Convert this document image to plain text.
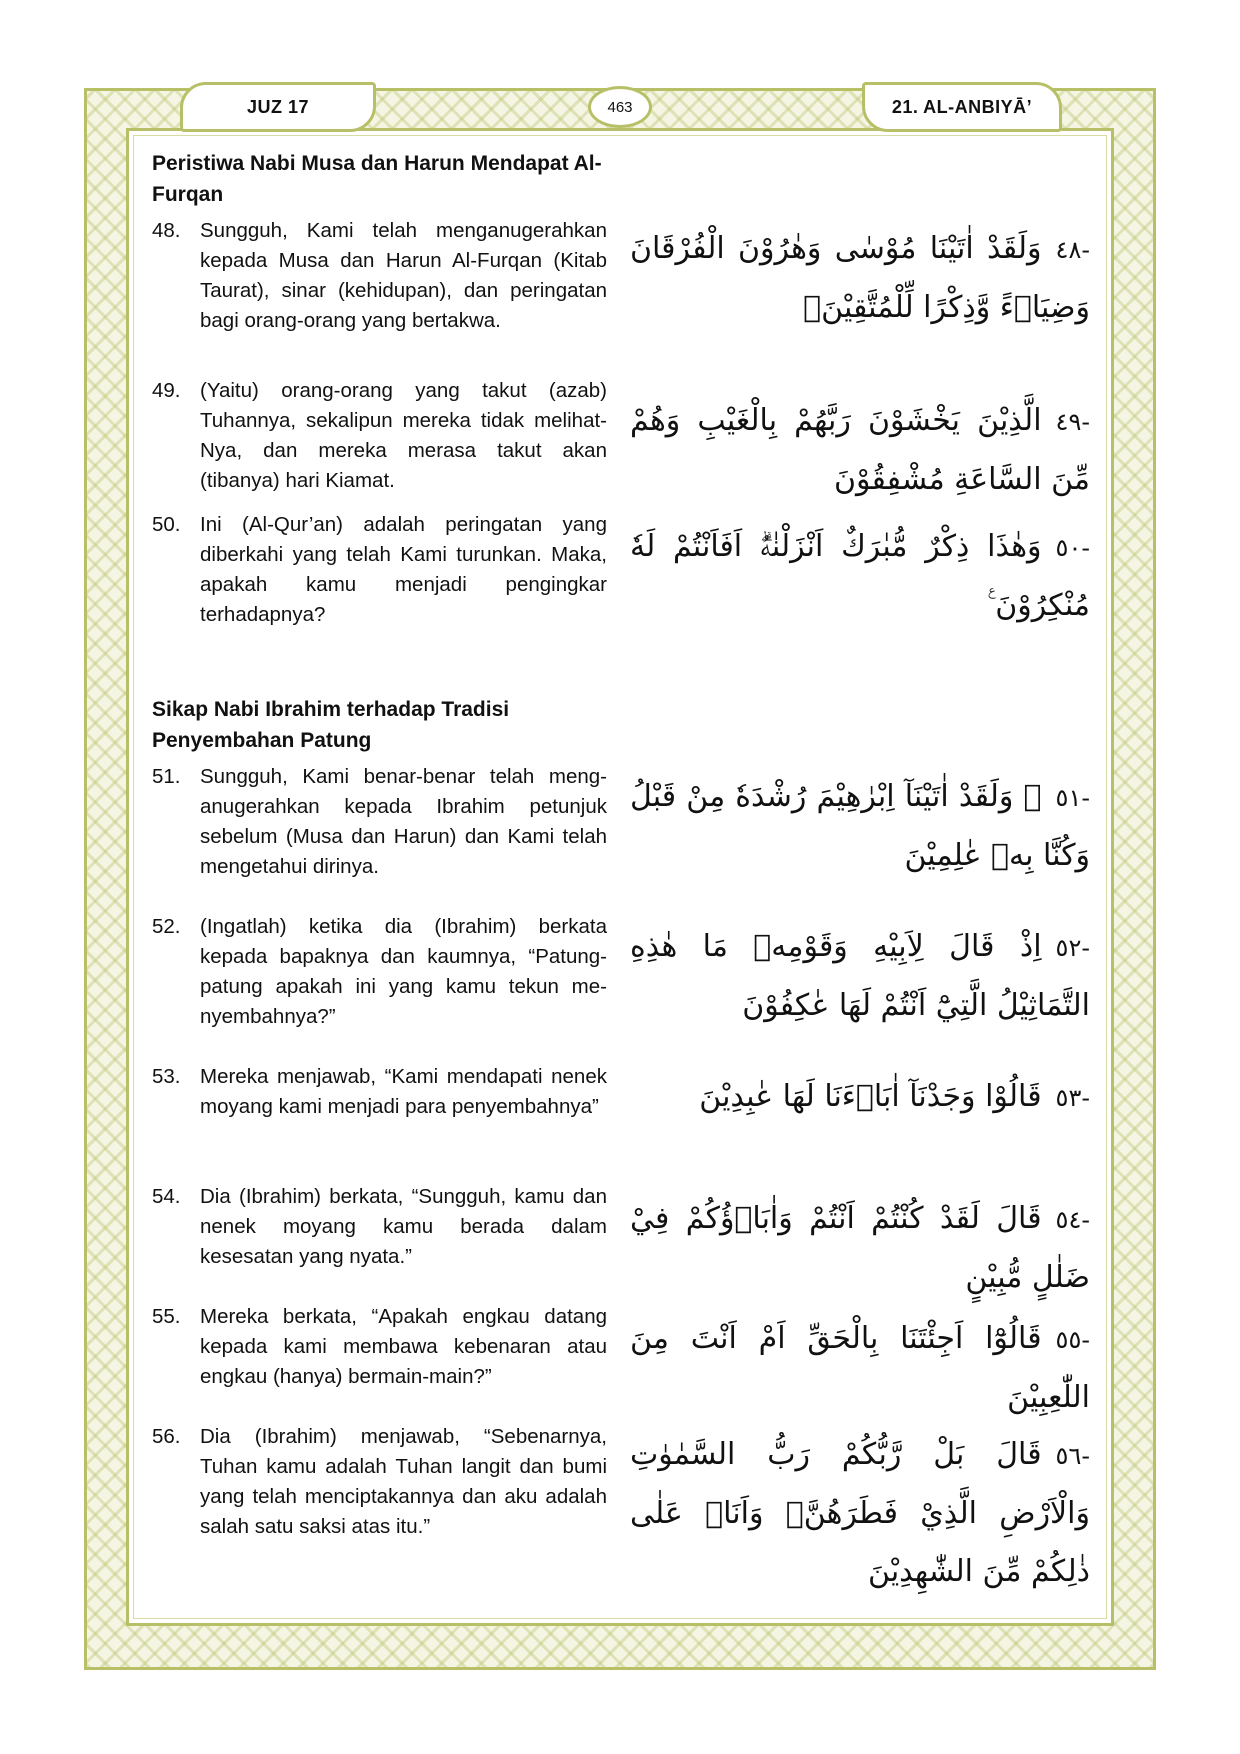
JUZ 17	463	21. AL-ANBIYĀ’
Peristiwa Nabi Musa dan Harun Mendapat Al-Furqan
48. Sungguh, Kami telah menganugerahkan kepada Musa dan Harun Al-Furqan (Kitab Taurat), sinar (kehidupan), dan peringatan bagi orang-orang yang bertakwa.
-٤٨وَلَقَدْ اٰتَيْنَا مُوْسٰى وَهٰرُوْنَ الْفُرْقَانَ وَضِيَاۤءً وَّذِكْرًا لِّلْمُتَّقِيْنَۙ
49. (Yaitu) orang-orang yang takut (azab) Tuhannya, sekalipun mereka tidak melihat-Nya, dan mereka merasa takut akan (tibanya) hari Kiamat.
-٤٩الَّذِيْنَ يَخْشَوْنَ رَبَّهُمْ بِالْغَيْبِ وَهُمْ مِّنَ السَّاعَةِ مُشْفِقُوْنَ
50. Ini (Al-Qur’an) adalah peringatan yang diberkahi yang telah Kami turunkan. Maka, apakah kamu menjadi pengingkar terhadapnya?
-٥٠وَهٰذَا ذِكْرٌ مُّبٰرَكٌ اَنْزَلْنٰهُۗ اَفَاَنْتُمْ لَهٗ مُنْكِرُوْنَ ࣖ
Sikap Nabi Ibrahim terhadap Tradisi Penyembahan Patung
51. Sungguh, Kami benar-benar telah menganugerahkan kepada Ibrahim petunjuk sebelum (Musa dan Harun) dan Kami telah mengetahui dirinya.
-٥١۞ وَلَقَدْ اٰتَيْنَآ اِبْرٰهِيْمَ رُشْدَهٗ مِنْ قَبْلُ وَكُنَّا بِهٖ عٰلِمِيْنَ
52. (Ingatlah) ketika dia (Ibrahim) berkata kepada bapaknya dan kaumnya, “Patung-patung apakah ini yang kamu tekun menyembahnya?”
-٥٢اِذْ قَالَ لِاَبِيْهِ وَقَوْمِهٖ مَا هٰذِهِ التَّمَاثِيْلُ الَّتِيْٓ اَنْتُمْ لَهَا عٰكِفُوْنَ
53. Mereka menjawab, “Kami mendapati nenek moyang kami menjadi para penyembahnya”	-٥٣قَالُوْا وَجَدْنَآ اٰبَاۤءَنَا لَهَا عٰبِدِيْنَ
54. Dia (Ibrahim) berkata, “Sungguh, kamu dan nenek moyang kamu berada dalam kesesatan yang nyata.”
-٥٤قَالَ لَقَدْ كُنْتُمْ اَنْتُمْ وَاٰبَاۤؤُكُمْ فِيْ ضَلٰلٍ مُّبِيْنٍ
55. Mereka berkata, “Apakah engkau datang kepada kami membawa kebenaran atau engkau (hanya) bermain-main?”
-٥٥قَالُوْٓا اَجِئْتَنَا بِالْحَقِّ اَمْ اَنْتَ مِنَ اللّٰعِبِيْنَ
56. Dia (Ibrahim) menjawab, “Sebenarnya, Tuhan kamu adalah Tuhan langit dan bumi yang telah menciptakannya dan aku adalah salah satu saksi atas itu.”
-٥٦قَالَ بَلْ رَّبُّكُمْ رَبُّ السَّمٰوٰتِ وَالْاَرْضِ الَّذِيْ فَطَرَهُنَّۖ وَاَنَا۠ عَلٰى ذٰلِكُمْ مِّنَ الشّٰهِدِيْنَ
